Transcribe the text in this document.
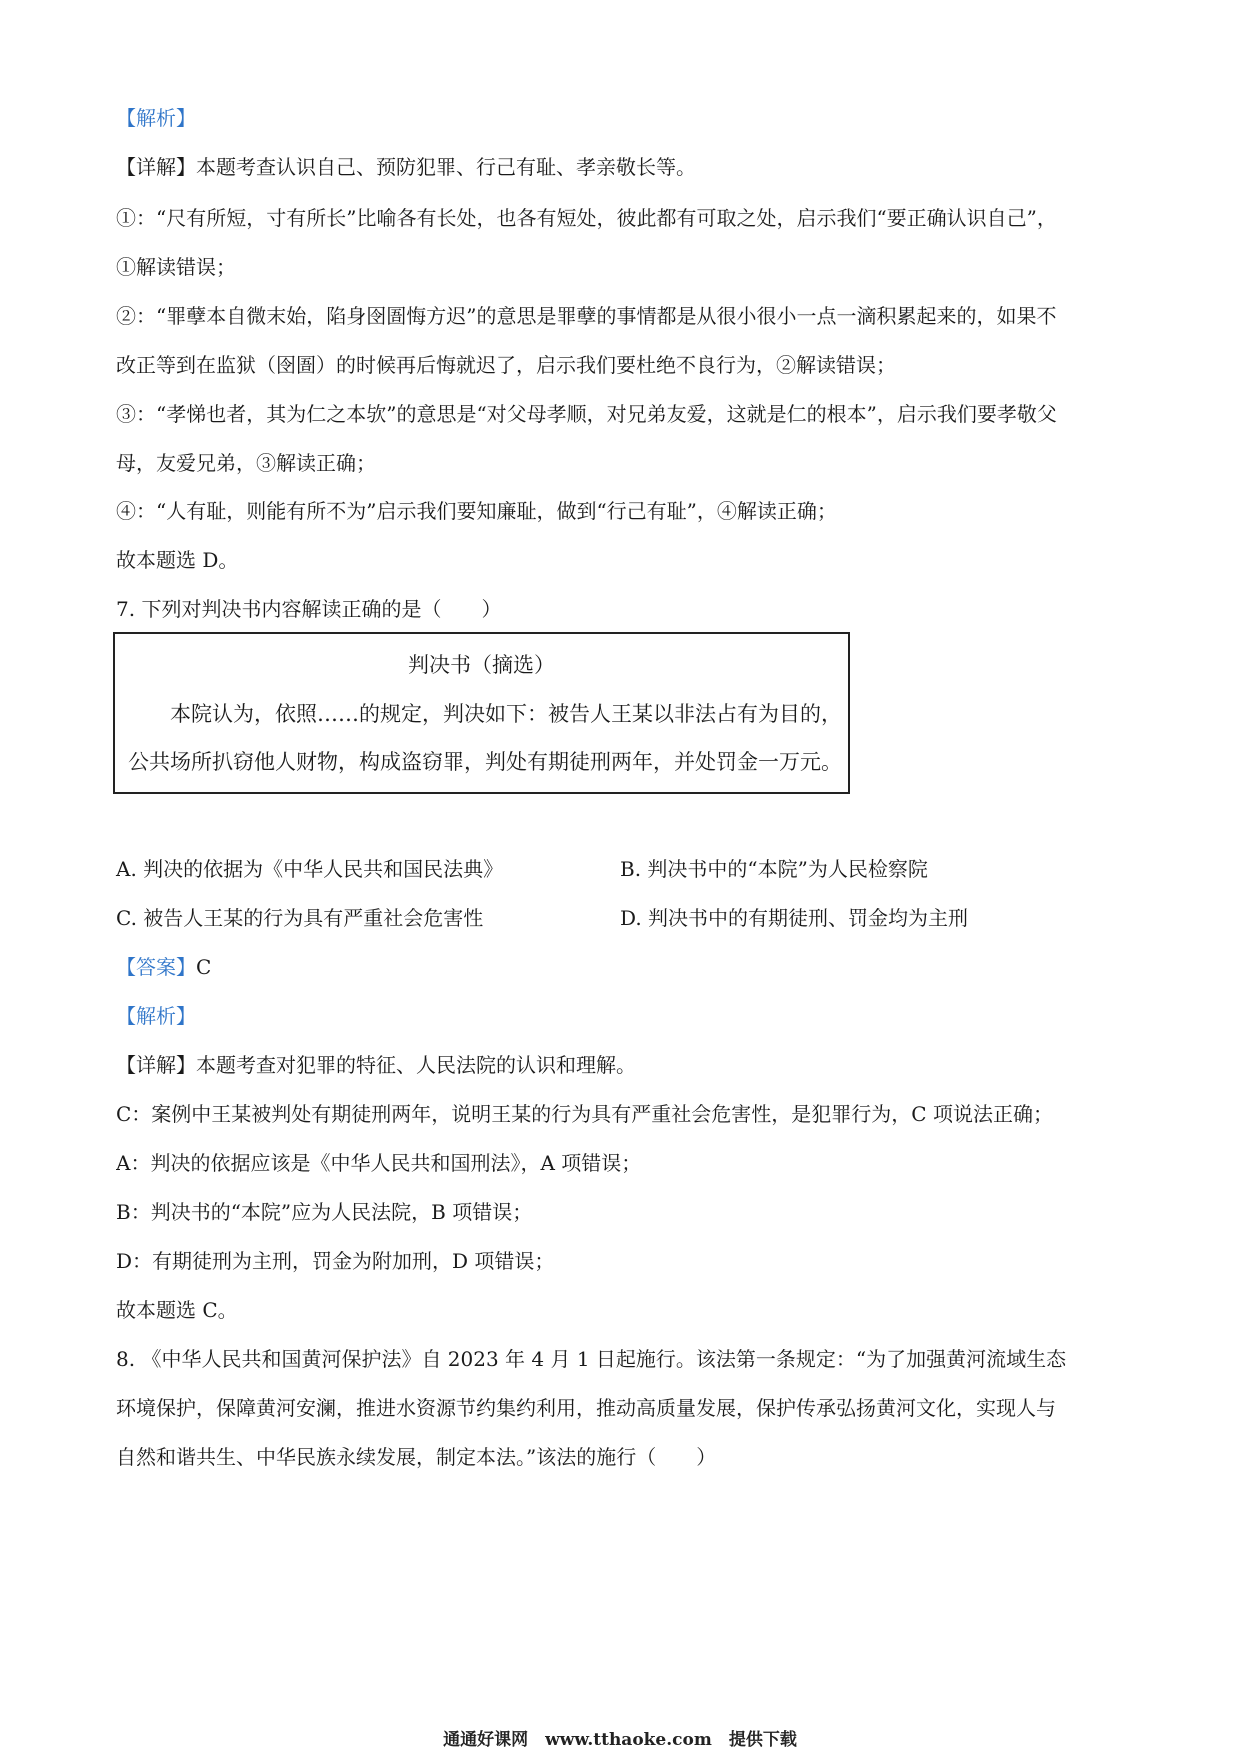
【解析】
【详解】本题考查认识自己、预防犯罪、行己有耻、孝亲敬长等。
①：“尺有所短，寸有所长”比喻各有长处，也各有短处，彼此都有可取之处，启示我们“要正确认识自己”，
①解读错误；
②：“罪孽本自微末始，陷身囹圄悔方迟”的意思是罪孽的事情都是从很小很小一点一滴积累起来的，如果不
改正等到在监狱（囹圄）的时候再后悔就迟了，启示我们要杜绝不良行为，②解读错误；
③：“孝悌也者，其为仁之本欤”的意思是“对父母孝顺，对兄弟友爱，这就是仁的根本”，启示我们要孝敬父
母，友爱兄弟，③解读正确；
④：“人有耻，则能有所不为”启示我们要知廉耻，做到“行己有耻”，④解读正确；
故本题选 D。
7. 下列对判决书内容解读正确的是（　　）
判决书（摘选）
本院认为，依照……的规定，判决如下：被告人王某以非法占有为目的，
公共场所扒窃他人财物，构成盗窃罪，判处有期徒刑两年，并处罚金一万元。
A. 判决的依据为《中华人民共和国民法典》	B. 判决书中的“本院”为人民检察院
C. 被告人王某的行为具有严重社会危害性	D. 判决书中的有期徒刑、罚金均为主刑
【答案】C
【解析】
【详解】本题考查对犯罪的特征、人民法院的认识和理解。
C：案例中王某被判处有期徒刑两年，说明王某的行为具有严重社会危害性，是犯罪行为，C 项说法正确；
A：判决的依据应该是《中华人民共和国刑法》，A 项错误；
B：判决书的“本院”应为人民法院，B 项错误；
D：有期徒刑为主刑，罚金为附加刑，D 项错误；
故本题选 C。
8. 《中华人民共和国黄河保护法》自 2023 年 4 月 1 日起施行。该法第一条规定：“为了加强黄河流域生态
环境保护，保障黄河安澜，推进水资源节约集约利用，推动高质量发展，保护传承弘扬黄河文化，实现人与
自然和谐共生、中华民族永续发展，制定本法。”该法的施行（　　）
通通好课网　www.tthaoke.com　提供下载
